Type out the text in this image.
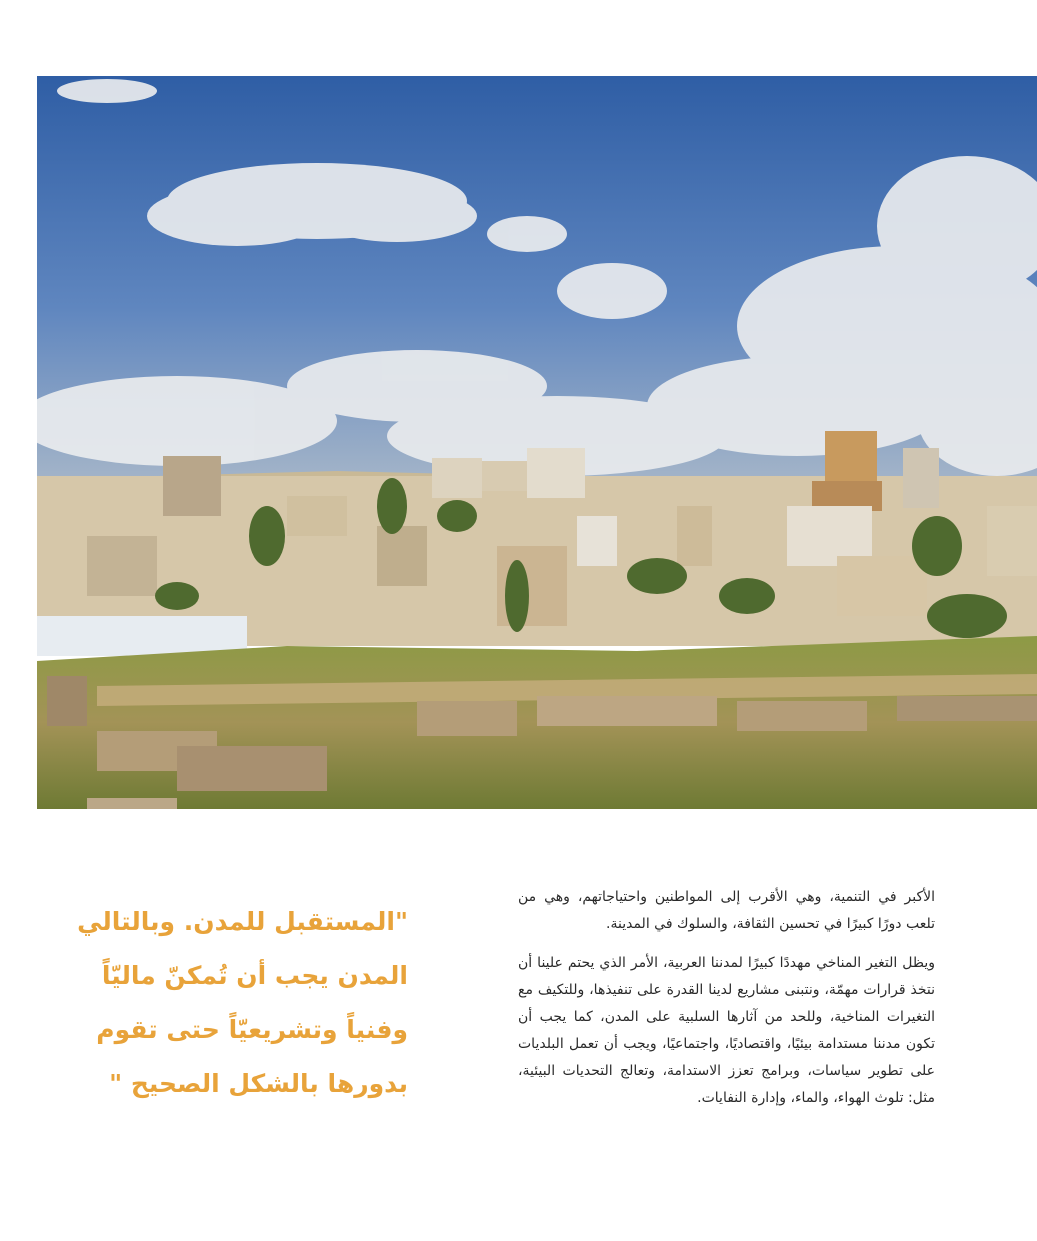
الأكبر في التنمية، وهي الأقرب إلى المواطنين واحتياجاتهم، وهي من تلعب دورًا كبيرًا في تحسين الثقافة، والسلوك في المدينة.

ويظل التغير المناخي مهددًا كبيرًا لمدننا العربية، الأمر الذي يحتم علينا أن نتخذ قرارات مهمّة، ونتبنى مشاريع لدينا القدرة على تنفيذها، وللتكيف مع التغيرات المناخية، وللحد من آثارها السلبية على المدن، كما يجب أن تكون مدننا مستدامة بيئيًا، واقتصاديًا، واجتماعيًا، ويجب أن تعمل البلديات على تطوير سياسات، وبرامج تعزز الاستدامة، وتعالج التحديات البيئية، مثل: تلوث الهواء، والماء، وإدارة النفايات.

"المستقبل للمدن. وبالتالي
المدن يجب أن تُمكنّ ماليّاً
وفنياً وتشريعيّاً حتى تقوم
بدورها بالشكل الصحيح "
